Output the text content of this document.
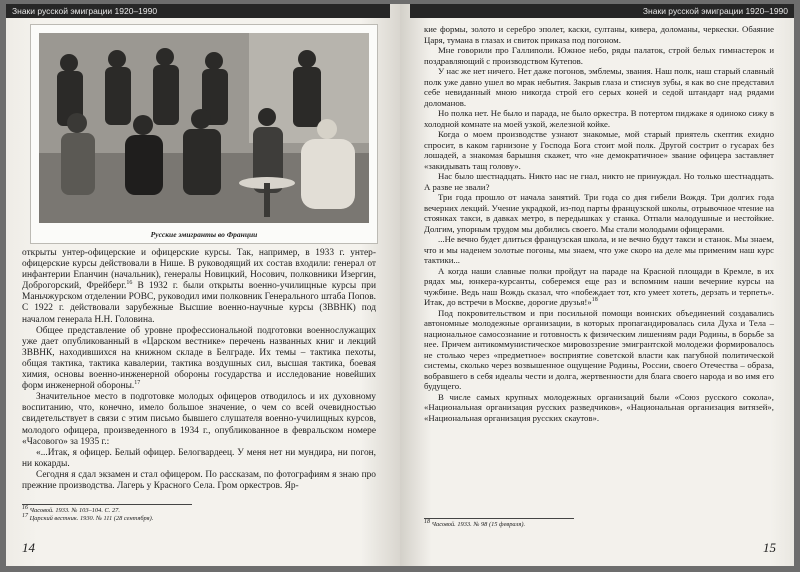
Знаки русской эмиграции 1920–1990
Русские эмигранты во Франции

открыты унтер-офицерские и офицерские курсы. Так, например, в 1933 г. унтер-офицерские курсы действовали в Нише. В руководящий их состав входили: генерал от инфантерии Епанчин (начальник), генералы Новицкий, Носович, полковники Изергин, Доброгорский, Фрейберг.$^{16}$ В 1932 г. были открыты военно-училищные курсы при Маньчжурском отделении РОВС, руководил ими полковник Генерального штаба Попов. С 1922 г. действовали зарубежные Высшие военно-научные курсы (ЗВВНК) под началом генерала Н.Н. Головина.

Общее представление об уровне профессиональной подготовки военнослужащих уже дает опубликованный в «Царском вестнике» перечень названных книг и лекций ЗВВНК, находившихся на книжном складе в Белграде. Их темы – тактика пехоты, общая тактика, тактика кавалерии, тактика воздушных сил, высшая тактика, боевая химия, основы военно-инженерной обороны государства и исследование новейших форм инженерной обороны.$^{17}$

Значительное место в подготовке молодых офицеров отводилось и их духовному воспитанию, что, конечно, имело большое значение, о чем со всей очевидностью свидетельствует в связи с этим письмо бывшего слушателя военно-училищных курсов, молодого офицера, произведенного в 1934 г., опубликованное в февральском номере «Часового» за 1935 г.:

«...Итак, я офицер. Белый офицер. Белогвардеец. У меня нет ни мундира, ни погон, ни кокарды.

Сегодня я сдал экзамен и стал офицером. По рассказам, по фотографиям я знаю про прежние производства. Лагерь у Красного Села. Гром оркестров. Яр-

$^{16}$ Часовой. 1933. № 103–104. С. 27.

$^{17}$ Царский вестник. 1930. № 111 (28 сентября).

14
Знаки русской эмиграции 1920–1990

кие формы, золото и серебро эполет, каски, султаны, кивера, доломаны, черкески. Обаяние Царя, тумана в глазах и свиток приказа под погоном.

Мне говорили про Галлиполи. Южное небо, ряды палаток, строй белых гимнастерок и поздравляющий с производством Кутепов.

У нас же нет ничего. Нет даже погонов, эмблемы, звания. Наш полк, наш старый славный полк уже давно ушел во мрак небытия. Закрыв глаза и стиснув зубы, я как во сне представил себе невиданный мною никогда строй его серых коней и седой штандарт над рядами доломанов.

Но полка нет. Не было и парада, не было оркестра. В потертом пиджаке я одиноко сижу в холодной комнате на моей узкой, железной койке.

Когда о моем производстве узнают знакомые, мой старый приятель скептик ехидно спросит, в каком гарнизоне у Господа Бога стоит мой полк. Другой сострит о гусарах без лошадей, а знакомая барышня скажет, что «не демократичное» звание офицера заставляет «закидывать тащ голову».

Нас было шестнадцать. Никто нас не гнал, никто не принуждал. Но только шестнадцать. А разве не звали?

Три года прошло от начала занятий. Три года со дня гибели Вождя. Три долгих года вечерних лекций. Учение украдкой, из-под парты французской школы, отрывочное чтение на стоянках такси, в давках метро, в передышках у станка. Отпали малодушные и нестойкие. Долгим, упорным трудом мы добились своего. Мы стали молодыми офицерами.

...Не вечно будет длиться французская школа, и не вечно будут такси и станок. Мы знаем, что и мы наденем золотые погоны, мы знаем, что уже скоро на деле мы применим наш курс тактики...

А когда наши славные полки пройдут на параде на Красной площади в Кремле, в их рядах мы, юнкера-курсанты, соберемся еще раз и вспомним наши вечерние курсы на чужбине. Ведь наш Вождь сказал, что «побеждает тот, кто умеет хотеть, дерзать и терпеть». Итак, до встречи в Москве, дорогие друзья!»$^{18}$

Под покровительством и при посильной помощи воинских объединений создавались автономные молодежные организации, в которых пропагандировалась сила Духа и Тела – национальное самосознание и готовность к физическим лишениям ради Родины, в борьбе за нее. Причем антикоммунистическое мировоззрение эмигрантской молодежи формировалось не столько через «предметное» восприятие советской власти как пагубной политической системы, сколько через возвышенное ощущение Родины, России, своего Отечества – образа, вобравшего в себя идеалы чести и долга, жертвенности для блага своего народа и во имя его будущего.

В числе самых крупных молодежных организаций были «Союз русского сокола», «Национальная организация русских разведчиков», «Национальная организация витязей», «Национальная организация русских скаутов».

$^{18}$ Часовой. 1933. № 98 (15 февраля).

15
